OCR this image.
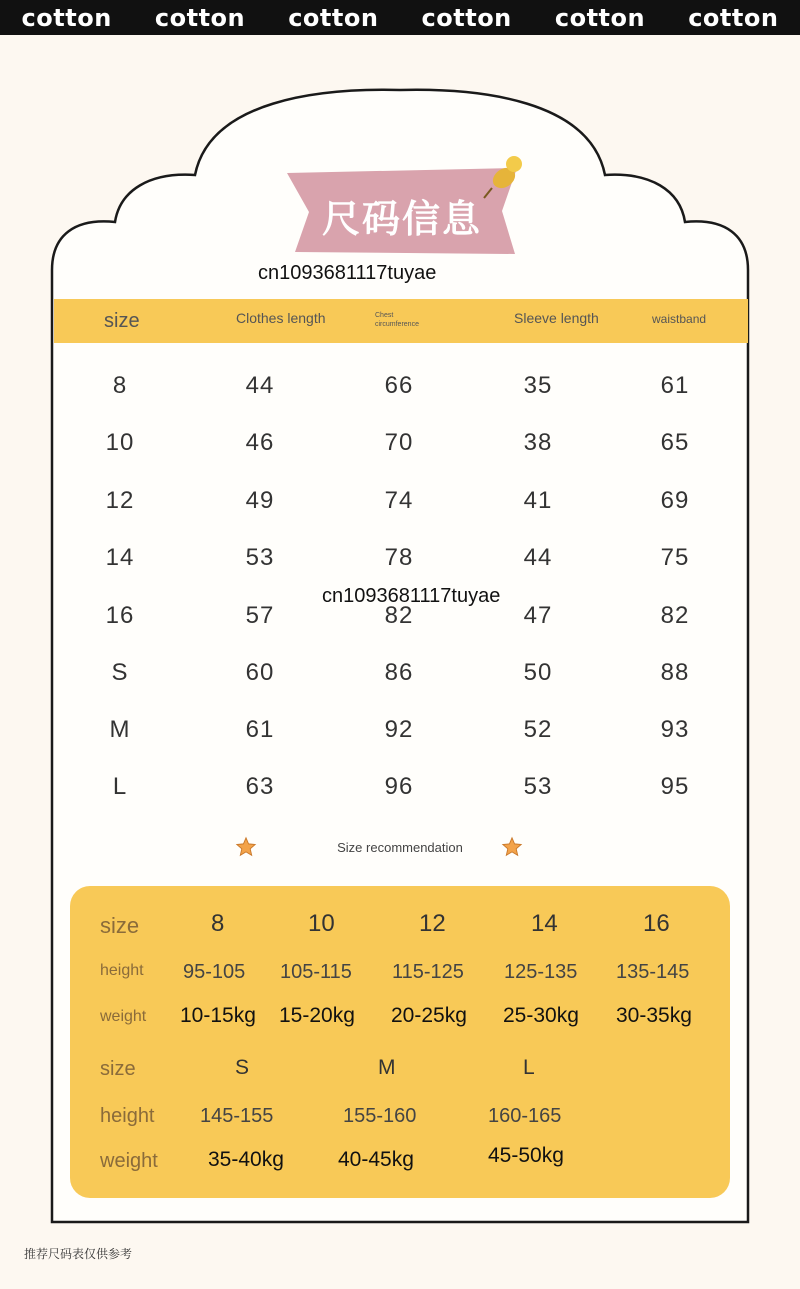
cotton cotton cotton cotton cotton cotton
尺码信息
cn1093681117tuyae
cn1093681117tuyae
size	Clothes length	Chest circumference	Sleeve length	waistband
8	44	66	35	61
10	46	70	38	65
12	49	74	41	69
14	53	78	44	75
16	57	82	47	82
S	60	86	50	88
M	61	92	52	93
L	63	96	53	95
Size recommendation
size	8	10	12	14	16
height 95-105 105-115 115-125 125-135 135-145
weight 10-15kg 15-20kg 20-25kg 25-30kg 30-35kg
size	S	M	L
height 145-155	155-160	160-165
weight 35-40kg	40-45kg	45-50kg
推荐尺码表仅供参考
